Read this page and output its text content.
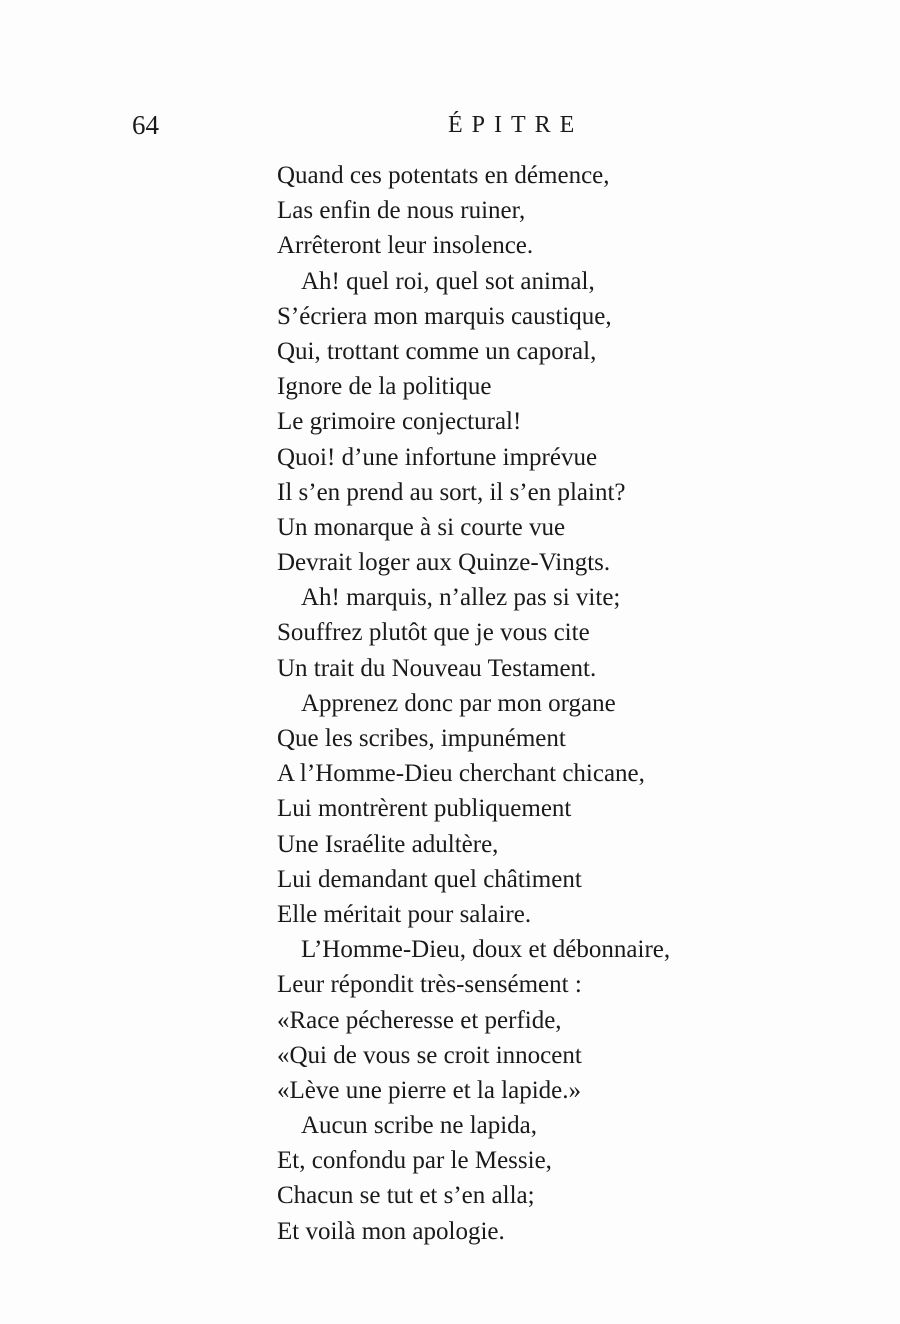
64	ÉPITRE
Quand ces potentats en démence,
Las enfin de nous ruiner,
Arrêteront leur insolence.
Ah! quel roi, quel sot animal,
S’écriera mon marquis caustique,
Qui, trottant comme un caporal,
Ignore de la politique
Le grimoire conjectural!
Quoi! d’une infortune imprévue
Il s’en prend au sort, il s’en plaint?
Un monarque à si courte vue
Devrait loger aux Quinze-Vingts.
Ah! marquis, n’allez pas si vite;
Souffrez plutôt que je vous cite
Un trait du Nouveau Testament.
Apprenez donc par mon organe
Que les scribes, impunément
A l’Homme-Dieu cherchant chicane,
Lui montrèrent publiquement
Une Israélite adultère,
Lui demandant quel châtiment
Elle méritait pour salaire.
L’Homme-Dieu, doux et débonnaire,
Leur répondit très-sensément :
«Race pécheresse et perfide,
«Qui de vous se croit innocent
«Lève une pierre et la lapide.»
Aucun scribe ne lapida,
Et, confondu par le Messie,
Chacun se tut et s’en alla;
Et voilà mon apologie.
